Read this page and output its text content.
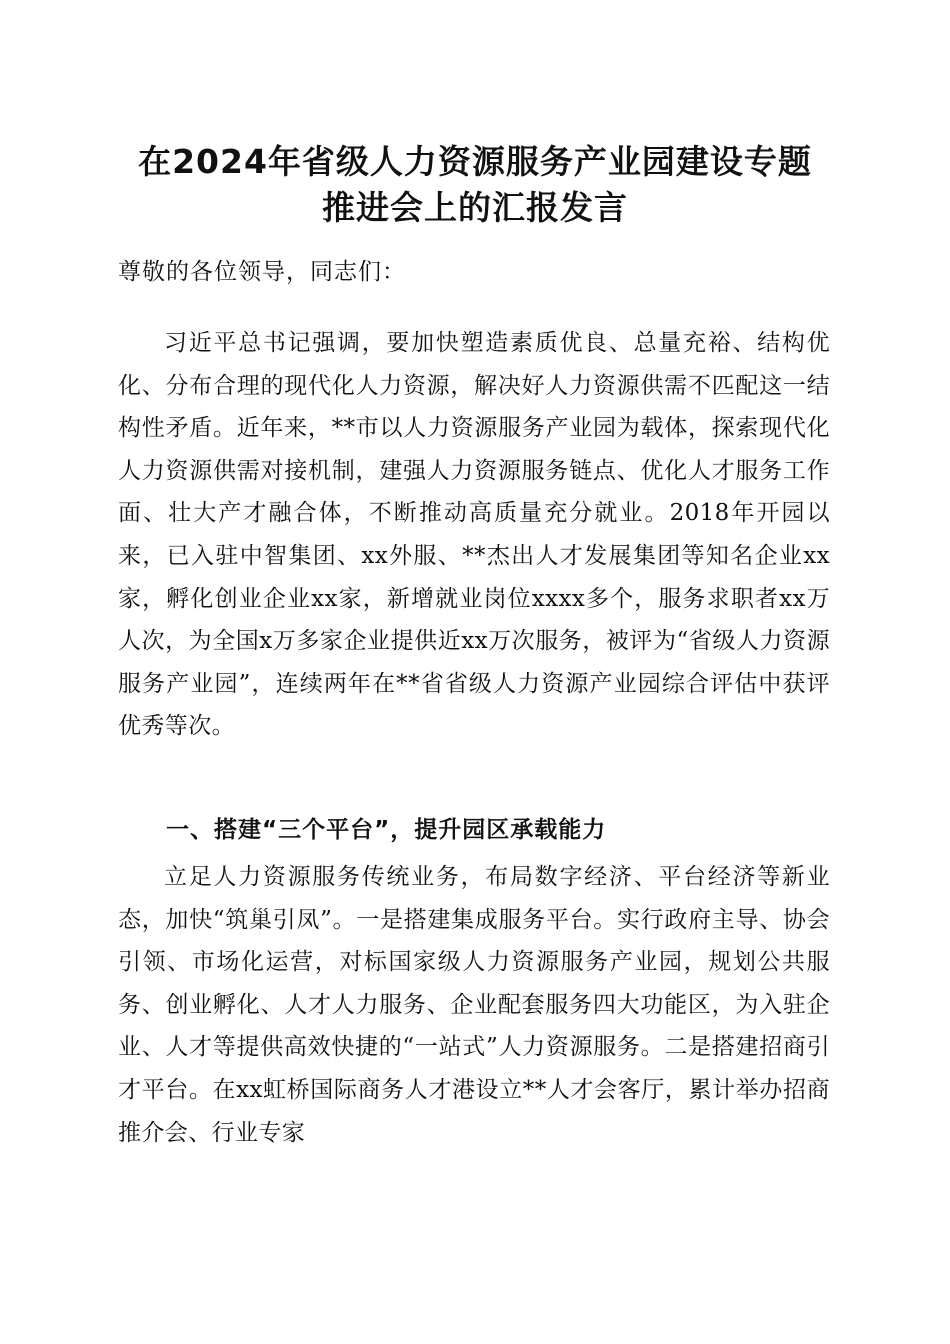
在2024年省级人力资源服务产业园建设专题
推进会上的汇报发言
尊敬的各位领导，同志们：
习近平总书记强调，要加快塑造素质优良、总量充裕、结构优化、分布合理的现代化人力资源，解决好人力资源供需不匹配这一结构性矛盾。近年来，**市以人力资源服务产业园为载体，探索现代化人力资源供需对接机制，建强人力资源服务链点、优化人才服务工作面、壮大产才融合体，不断推动高质量充分就业。2018年开园以来，已入驻中智集团、xx外服、**杰出人才发展集团等知名企业xx家，孵化创业企业xx家，新增就业岗位xxxx多个，服务求职者xx万人次，为全国x万多家企业提供近xx万次服务，被评为“省级人力资源服务产业园”，连续两年在**省省级人力资源产业园综合评估中获评优秀等次。
一、搭建“三个平台”，提升园区承载能力
立足人力资源服务传统业务，布局数字经济、平台经济等新业态，加快“筑巢引凤”。一是搭建集成服务平台。实行政府主导、协会引领、市场化运营，对标国家级人力资源服务产业园，规划公共服务、创业孵化、人才人力服务、企业配套服务四大功能区，为入驻企业、人才等提供高效快捷的“一站式”人力资源服务。二是搭建招商引才平台。在xx虹桥国际商务人才港设立**人才会客厅，累计举办招商推介会、行业专家
